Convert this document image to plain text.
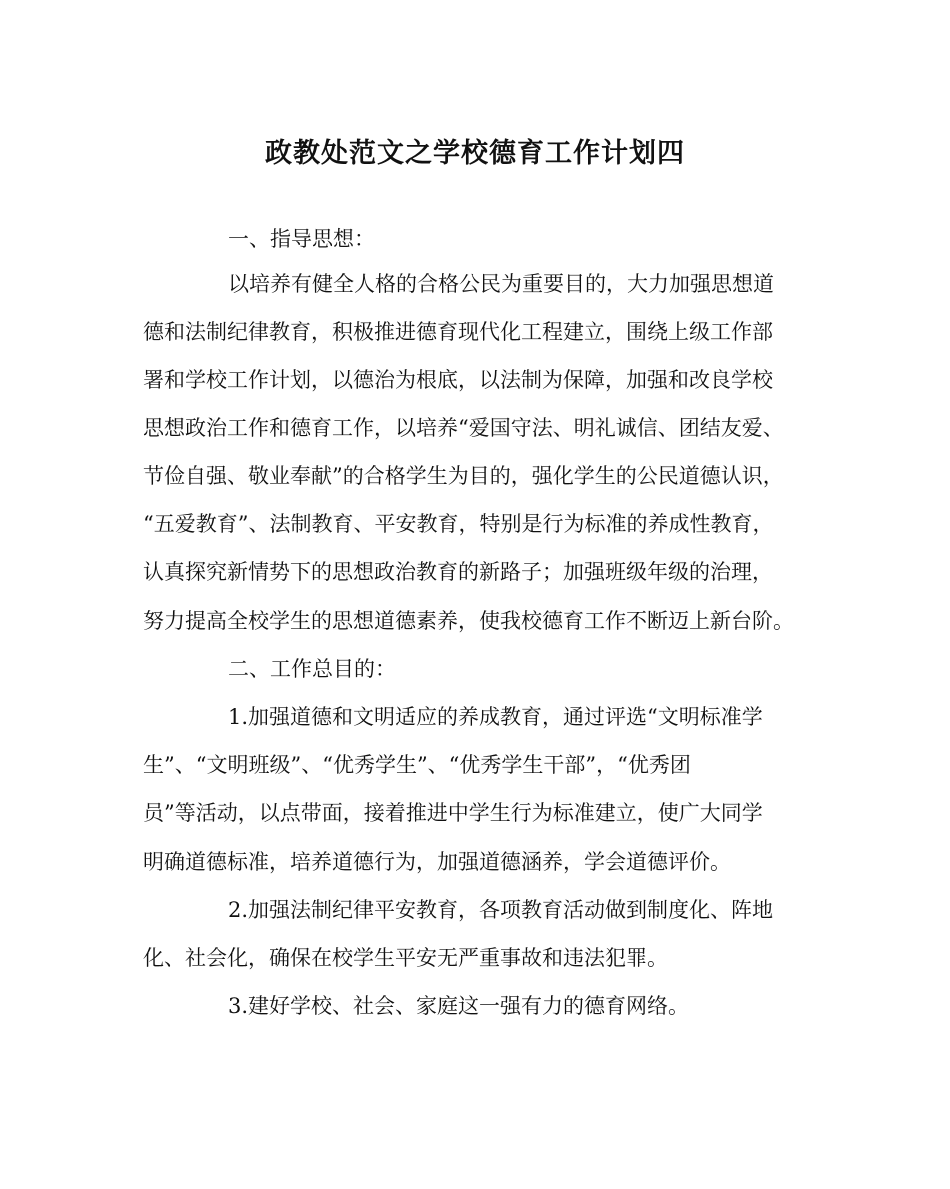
政教处范文之学校德育工作计划四

一、指导思想：

以培养有健全人格的合格公民为重要目的，大力加强思想道

德和法制纪律教育，积极推进德育现代化工程建立，围绕上级工作部

署和学校工作计划，以德治为根底，以法制为保障，加强和改良学校

思想政治工作和德育工作，以培养“爱国守法、明礼诚信、团结友爱、

节俭自强、敬业奉献”的合格学生为目的，强化学生的公民道德认识，

“五爱教育”、法制教育、平安教育，特别是行为标准的养成性教育，

认真探究新情势下的思想政治教育的新路子；加强班级年级的治理，

努力提高全校学生的思想道德素养，使我校德育工作不断迈上新台阶。

二、工作总目的：

1.加强道德和文明适应的养成教育，通过评选“文明标准学

生”、“文明班级”、“优秀学生”、“优秀学生干部”，“优秀团

员”等活动，以点带面，接着推进中学生行为标准建立，使广大同学

明确道德标准，培养道德行为，加强道德涵养，学会道德评价。

2.加强法制纪律平安教育，各项教育活动做到制度化、阵地

化、社会化，确保在校学生平安无严重事故和违法犯罪。

3.建好学校、社会、家庭这一强有力的德育网络。
